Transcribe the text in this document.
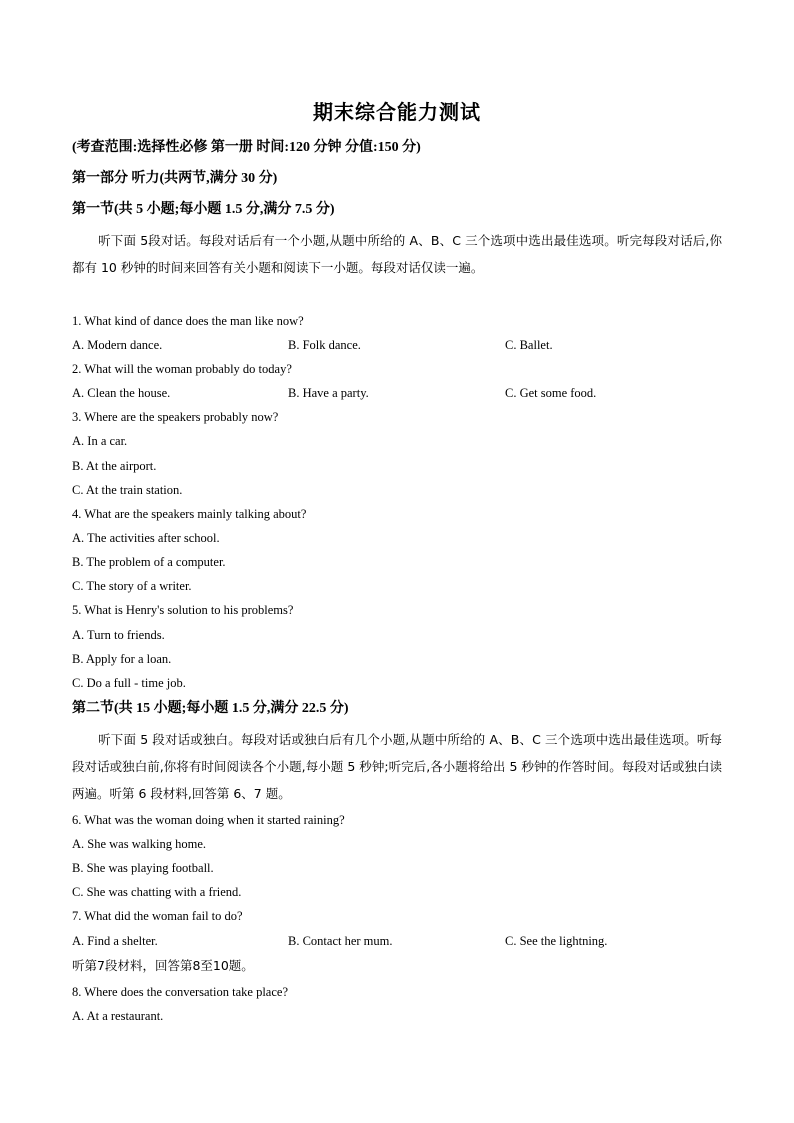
期末综合能力测试
(考查范围:选择性必修 第一册 时间:120 分钟 分值:150 分)
第一部分 听力(共两节,满分 30 分)
第一节(共 5 小题;每小题 1.5 分,满分 7.5 分)
听下面 5段对话。每段对话后有一个小题,从题中所给的 A、B、C 三个选项中选出最佳选项。听完每段对话后,你都有 10 秒钟的时间来回答有关小题和阅读下一小题。每段对话仅读一遍。
1. What kind of dance does the man like now?
A. Modern dance.	B. Folk dance.	C. Ballet.
2. What will the woman probably do today?
A. Clean the house.	B. Have a party.	C. Get some food.
3. Where are the speakers probably now?
A. In a car.
B. At the airport.
C. At the train station.
4. What are the speakers mainly talking about?
A. The activities after school.
B. The problem of a computer.
C. The story of a writer.
5. What is Henry's solution to his problems?
A. Turn to friends.
B. Apply for a loan.
C. Do a full - time job.
第二节(共 15 小题;每小题 1.5 分,满分 22.5 分)
听下面 5 段对话或独白。每段对话或独白后有几个小题,从题中所给的 A、B、C 三个选项中选出最佳选项。听每段对话或独白前,你将有时间阅读各个小题,每小题 5 秒钟;听完后,各小题将给出 5 秒钟的作答时间。每段对话或独白读两遍。听第 6 段材料,回答第 6、7 题。
6. What was the woman doing when it started raining?
A. She was walking home.
B. She was playing football.
C. She was chatting with a friend.
7. What did the woman fail to do?
A. Find a shelter.	B. Contact her mum.	C. See the lightning.
听第7段材料，回答第8至10题。
8. Where does the conversation take place?
A. At a restaurant.
